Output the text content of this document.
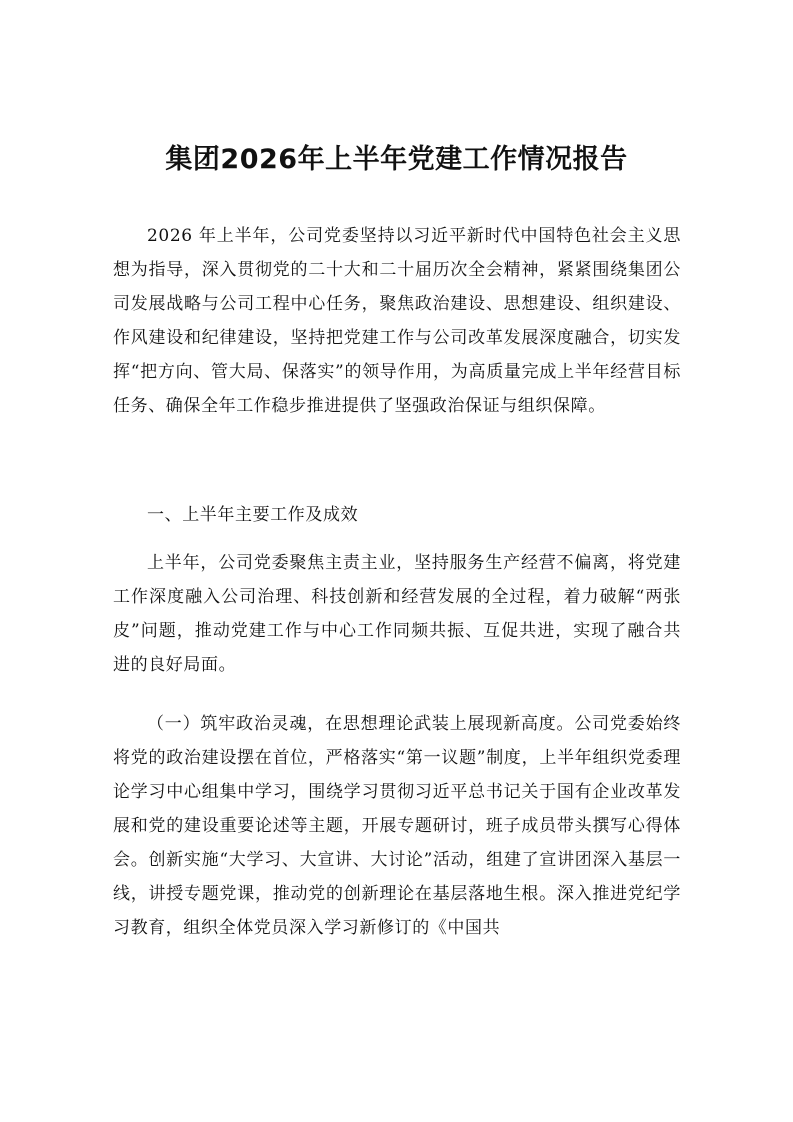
集团2026年上半年党建工作情况报告

2026 年上半年，公司党委坚持以习近平新时代中国特色社会主义思想为指导，深入贯彻党的二十大和二十届历次全会精神，紧紧围绕集团公司发展战略与公司工程中心任务，聚焦政治建设、思想建设、组织建设、作风建设和纪律建设，坚持把党建工作与公司改革发展深度融合，切实发挥“把方向、管大局、保落实”的领导作用，为高质量完成上半年经营目标任务、确保全年工作稳步推进提供了坚强政治保证与组织保障。

一、上半年主要工作及成效

上半年，公司党委聚焦主责主业，坚持服务生产经营不偏离，将党建工作深度融入公司治理、科技创新和经营发展的全过程，着力破解“两张皮”问题，推动党建工作与中心工作同频共振、互促共进，实现了融合共进的良好局面。

（一）筑牢政治灵魂，在思想理论武装上展现新高度。公司党委始终将党的政治建设摆在首位，严格落实“第一议题”制度，上半年组织党委理论学习中心组集中学习，围绕学习贯彻习近平总书记关于国有企业改革发展和党的建设重要论述等主题，开展专题研讨，班子成员带头撰写心得体会。创新实施“大学习、大宣讲、大讨论”活动，组建了宣讲团深入基层一线，讲授专题党课，推动党的创新理论在基层落地生根。深入推进党纪学习教育，组织全体党员深入学习新修订的《中国共
